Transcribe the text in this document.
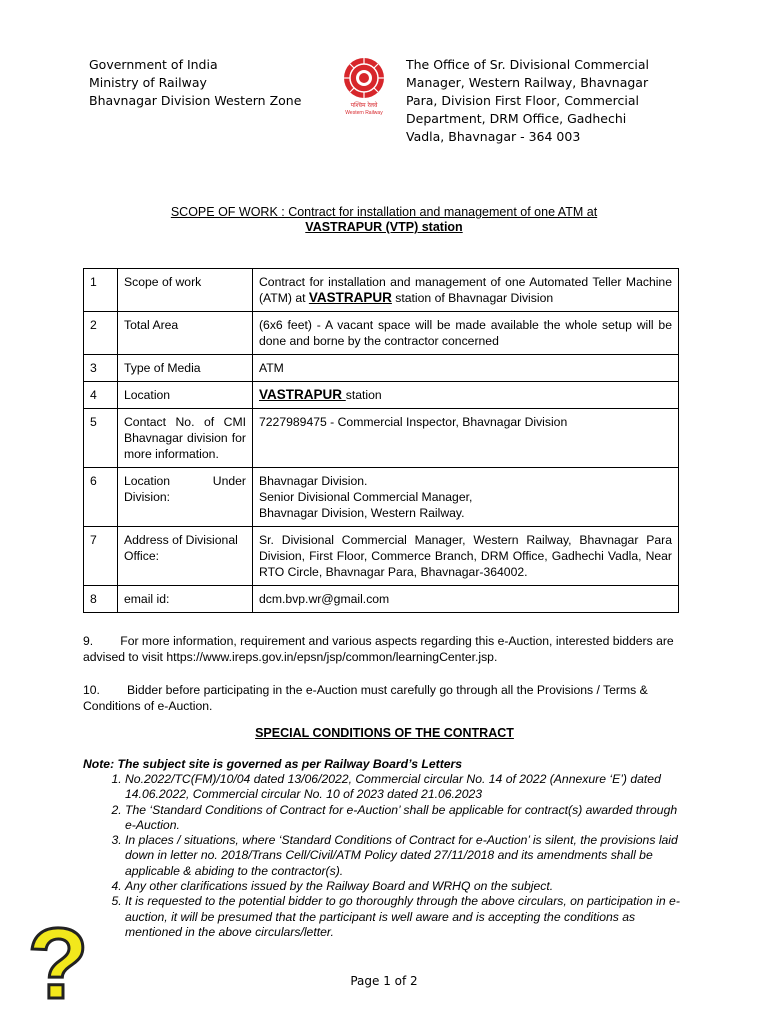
Government of India
Ministry of Railway
Bhavnagar Division Western Zone	पश्चिम रेलवे
Western Railway
The Office of Sr. Divisional Commercial
Manager, Western Railway, Bhavnagar
Para, Division First Floor, Commercial
Department, DRM Office, Gadhechi
Vadla, Bhavnagar - 364 003
SCOPE OF WORK : Contract for installation and management of one ATM at
VASTRAPUR (VTP) station
1	Scope of work	Contract for installation and management of one Automated Teller Machine (ATM) at VASTRAPUR station of Bhavnagar Division
2	Total Area	(6x6 feet) - A vacant space will be made available the whole setup will be done and borne by the contractor concerned
3	Type of Media	ATM
4	Location	VASTRAPUR station
5	Contact No. of CMI Bhavnagar division for more information.	7227989475 - Commercial Inspector, Bhavnagar Division
6	Location Under Division:	Bhavnagar Division.
Senior Divisional Commercial Manager,
Bhavnagar Division, Western Railway.

7	Address of Divisional Office:	Sr. Divisional Commercial Manager, Western Railway, Bhavnagar Para Division, First Floor, Commerce Branch, DRM Office, Gadhechi Vadla, Near RTO Circle, Bhavnagar Para, Bhavnagar-364002.
8	email id:	dcm.bvp.wr@gmail.com

9.        For more information, requirement and various aspects regarding this e-Auction, interested bidders are advised to visit https://www.ireps.gov.in/epsn/jsp/common/learningCenter.jsp.

10.        Bidder before participating in the e-Auction must carefully go through all the Provisions / Terms & Conditions of e-Auction.

SPECIAL CONDITIONS OF THE CONTRACT
Note: The subject site is governed as per Railway Board’s Letters
1. No.2022/TC(FM)/10/04 dated 13/06/2022, Commercial circular No. 14 of 2022 (Annexure ‘E’) dated 14.06.2022, Commercial circular No. 10 of 2023 dated 21.06.2023
2. The ‘Standard Conditions of Contract for e-Auction’ shall be applicable for contract(s) awarded through e-Auction.
3. In places / situations, where ‘Standard Conditions of Contract for e-Auction’ is silent, the provisions laid down in letter no. 2018/Trans Cell/Civil/ATM Policy dated 27/11/2018 and its amendments shall be applicable & abiding to the contractor(s).
4. Any other clarifications issued by the Railway Board and WRHQ on the subject.
5. It is requested to the potential bidder to go thoroughly through the above circulars, on participation in e-auction, it will be presumed that the participant is well aware and is accepting the conditions as mentioned in the above circulars/letter.
?	Page 1 of 2
